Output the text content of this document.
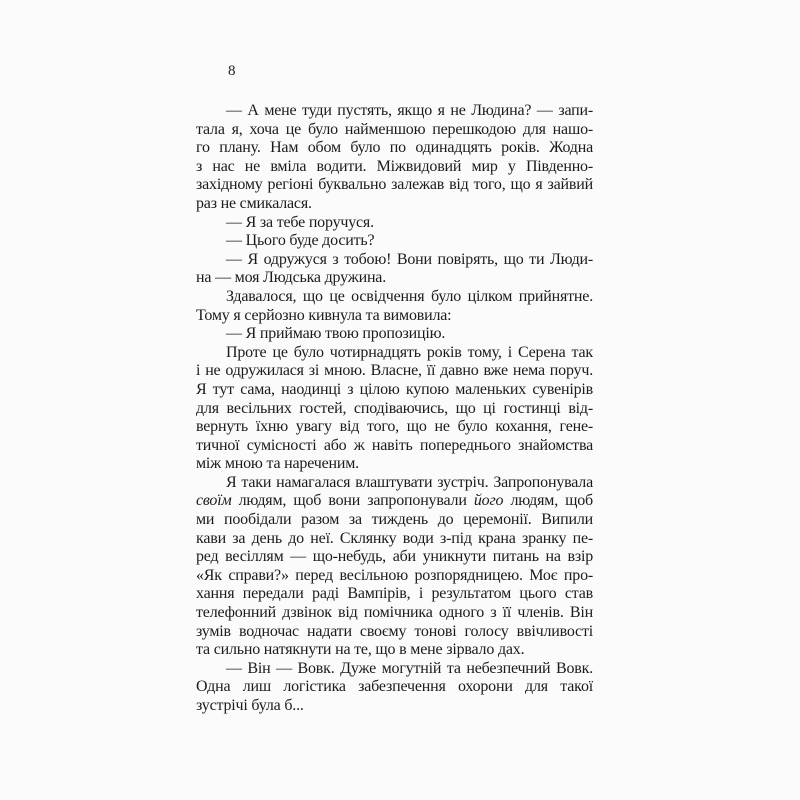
8
— А мене туди пустять, якщо я не Людина? — запи-
тала я, хоча це було найменшою перешкодою для нашо-
го плану. Нам обом було по одинадцять років. Жодна
з нас не вміла водити. Міжвидовий мир у Південно-
західному регіоні буквально залежав від того, що я зайвий
раз не смикалася.
— Я за тебе поручуся.
— Цього буде досить?
— Я одружуся з тобою! Вони повірять, що ти Люди-
на — моя Людська дружина.
Здавалося, що це освідчення було цілком прийнятне.
Тому я серйозно кивнула та вимовила:
— Я приймаю твою пропозицію.
Проте це було чотирнадцять років тому, і Серена так
і не одружилася зі мною. Власне, її давно вже нема поруч.
Я тут сама, наодинці з цілою купою маленьких сувенірів
для весільних гостей, сподіваючись, що ці гостинці від-
вернуть їхню увагу від того, що не було кохання, гене-
тичної сумісності або ж навіть попереднього знайомства
між мною та нареченим.
Я таки намагалася влаштувати зустріч. Запропонувала
своїм людям, щоб вони запропонували його людям, щоб
ми пообідали разом за тиждень до церемонії. Випили
кави за день до неї. Склянку води з-під крана зранку пе-
ред весіллям — що-небудь, аби уникнути питань на взір
«Як справи?» перед весільною розпорядницею. Моє про-
хання передали раді Вампірів, і результатом цього став
телефонний дзвінок від помічника одного з її членів. Він
зумів водночас надати своєму тонові голосу ввічливості
та сильно натякнути на те, що в мене зірвало дах.
— Він — Вовк. Дуже могутній та небезпечний Вовк.
Одна лиш логістика забезпечення охорони для такої
зустрічі була б...
